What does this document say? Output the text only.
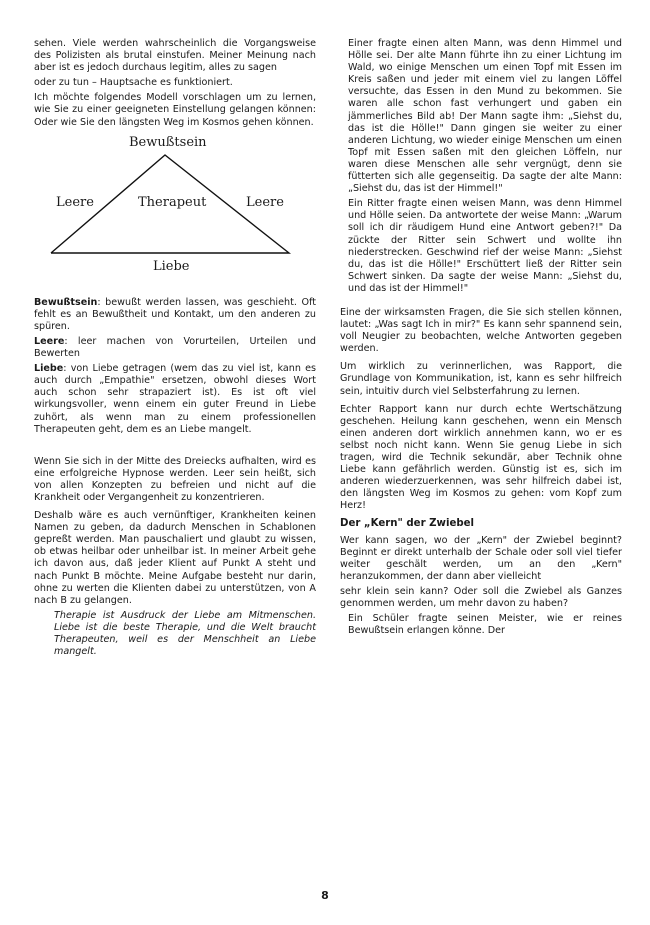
sehen. Viele werden wahrscheinlich die Vorgangsweise des Polizisten als brutal einstufen. Meiner Meinung nach aber ist es jedoch durchaus legitim, alles zu sagen

oder zu tun – Hauptsache es funktioniert.

Ich möchte folgendes Modell vorschlagen um zu lernen, wie Sie zu einer geeigneten Einstellung gelangen können: Oder wie Sie den längsten Weg im Kosmos gehen können.

Bewußtsein
Leere	Therapeut	Leere
Liebe

Bewußtsein: bewußt werden lassen, was geschieht. Oft fehlt es an Bewußtheit und Kontakt, um den anderen zu spüren.

Leere: leer machen von Vorurteilen, Urteilen und Bewerten

Liebe: von Liebe getragen (wem das zu viel ist, kann es auch durch „Empathie" ersetzen, obwohl dieses Wort auch schon sehr strapaziert ist). Es ist oft viel wirkungsvoller, wenn einem ein guter Freund in Liebe zuhört, als wenn man zu einem professionellen Therapeuten geht, dem es an Liebe mangelt.

Wenn Sie sich in der Mitte des Dreiecks aufhalten, wird es eine erfolgreiche Hypnose werden. Leer sein heißt, sich von allen Konzepten zu befreien und nicht auf die Krankheit oder Vergangenheit zu konzentrieren.

Deshalb wäre es auch vernünftiger, Krankheiten keinen Namen zu geben, da dadurch Menschen in Schablonen gepreßt werden. Man pauschaliert und glaubt zu wissen, ob etwas heilbar oder unheilbar ist. In meiner Arbeit gehe ich davon aus, daß jeder Klient auf Punkt A steht und nach Punkt B möchte. Meine Aufgabe besteht nur darin, ohne zu werten die Klienten dabei zu unterstützen, von A nach B zu gelangen.

Therapie ist Ausdruck der Liebe am Mitmenschen. Liebe ist die beste Therapie, und die Welt braucht Therapeuten, weil es der Menschheit an Liebe mangelt.

Einer fragte einen alten Mann, was denn Himmel und Hölle sei. Der alte Mann führte ihn zu einer Lichtung im Wald, wo einige Menschen um einen Topf mit Essen im Kreis saßen und jeder mit einem viel zu langen Löffel versuchte, das Essen in den Mund zu bekommen. Sie waren alle schon fast verhungert und gaben ein jämmerliches Bild ab! Der Mann sagte ihm: „Siehst du, das ist die Hölle!" Dann gingen sie weiter zu einer anderen Lichtung, wo wieder einige Menschen um einen Topf mit Essen saßen mit den gleichen Löffeln, nur waren diese Menschen alle sehr vergnügt, denn sie fütterten sich alle gegenseitig. Da sagte der alte Mann: „Siehst du, das ist der Himmel!"

Ein Ritter fragte einen weisen Mann, was denn Himmel und Hölle seien. Da antwortete der weise Mann: „Warum soll ich dir räudigem Hund eine Antwort geben?!" Da zückte der Ritter sein Schwert und wollte ihn niederstrecken. Geschwind rief der weise Mann: „Siehst du, das ist die Hölle!" Erschüttert ließ der Ritter sein Schwert sinken. Da sagte der weise Mann: „Siehst du, und das ist der Himmel!"

Eine der wirksamsten Fragen, die Sie sich stellen können, lautet: „Was sagt Ich in mir?" Es kann sehr spannend sein, voll Neugier zu beobachten, welche Antworten gegeben werden.

Um wirklich zu verinnerlichen, was Rapport, die Grundlage von Kommunikation, ist, kann es sehr hilfreich sein, intuitiv durch viel Selbsterfahrung zu lernen.

Echter Rapport kann nur durch echte Wertschätzung geschehen. Heilung kann geschehen, wenn ein Mensch einen anderen dort wirklich annehmen kann, wo er es selbst noch nicht kann. Wenn Sie genug Liebe in sich tragen, wird die Technik sekundär, aber Technik ohne Liebe kann gefährlich werden. Günstig ist es, sich im anderen wiederzuerkennen, was sehr hilfreich dabei ist, den längsten Weg im Kosmos zu gehen: vom Kopf zum Herz!

Der „Kern" der Zwiebel

Wer kann sagen, wo der „Kern" der Zwiebel beginnt? Beginnt er direkt unterhalb der Schale oder soll viel tiefer weiter geschält werden, um an den „Kern" heranzukommen, der dann aber vielleicht

sehr klein sein kann? Oder soll die Zwiebel als Ganzes genommen werden, um mehr davon zu haben?

Ein Schüler fragte seinen Meister, wie er reines Bewußtsein erlangen könne. Der

8
